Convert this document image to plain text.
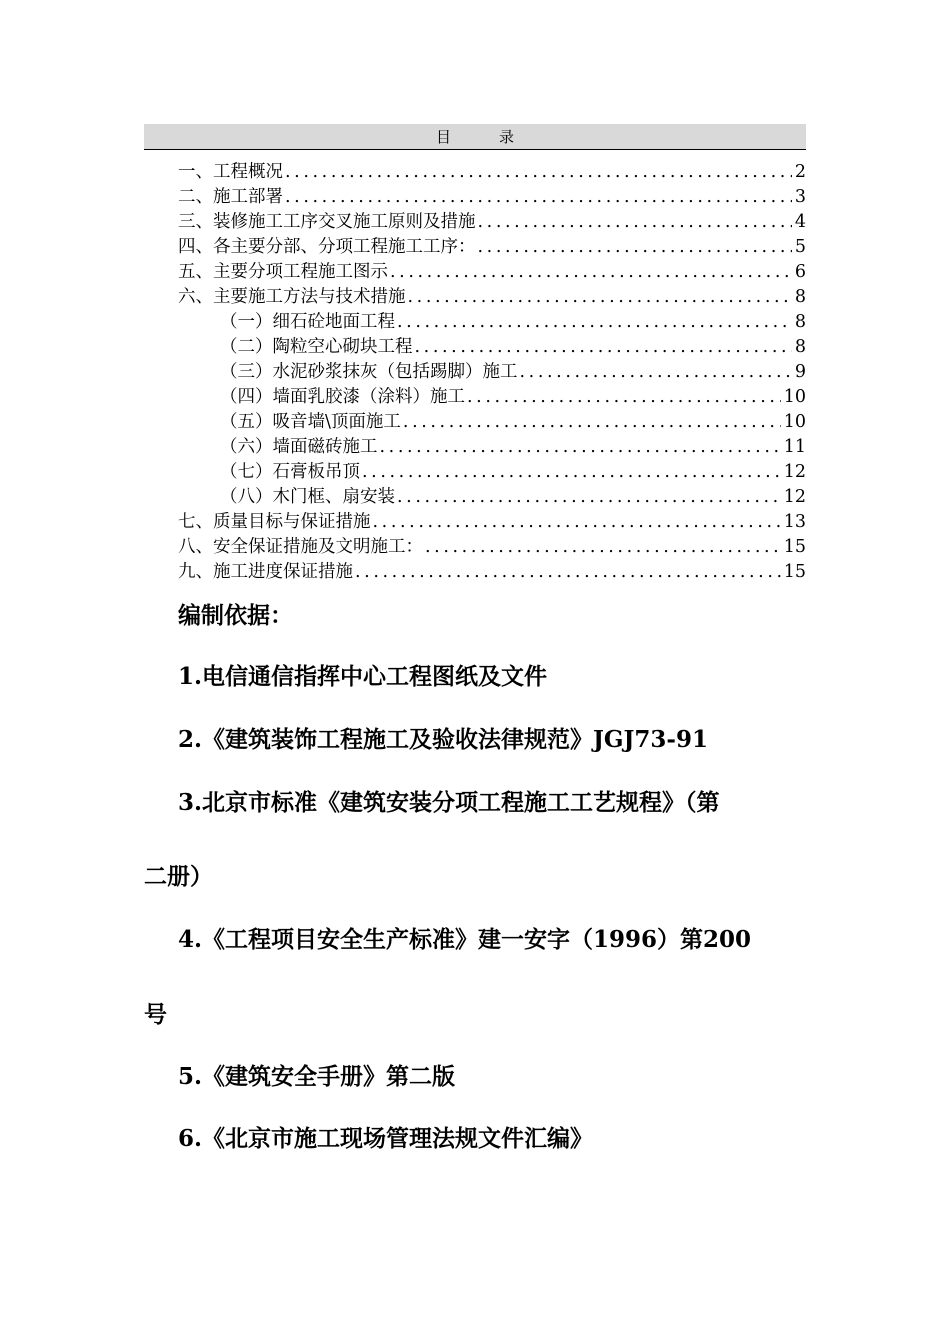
目录
一、工程概况 .....	2
二、施工部署 .....	3
三、装修施工工序交叉施工原则及措施 .....	4
四、各主要分部、分项工程施工工序： .....	5
五、主要分项工程施工图示 .....	6
六、主要施工方法与技术措施 .....	8
（一）细石砼地面工程 .....	8
（二）陶粒空心砌块工程 .....	8
（三）水泥砂浆抹灰（包括踢脚）施工 .....	9
（四）墙面乳胶漆（涂料）施工 .....	10
（五）吸音墙\顶面施工 .....	10
（六）墙面磁砖施工 .....	11
（七）石膏板吊顶 .....	12
（八）木门框、扇安装 .....	12
七、质量目标与保证措施 .....	13
八、安全保证措施及文明施工： .....	15
九、施工进度保证措施 .....	15
编制依据：
1.电信通信指挥中心工程图纸及文件
2.《建筑装饰工程施工及验收法律规范》JGJ73-91
3.北京市标准《建筑安装分项工程施工工艺规程》（第
二册）
4.《工程项目安全生产标准》建一安字（1996）第200
号
5.《建筑安全手册》第二版
6.《北京市施工现场管理法规文件汇编》
